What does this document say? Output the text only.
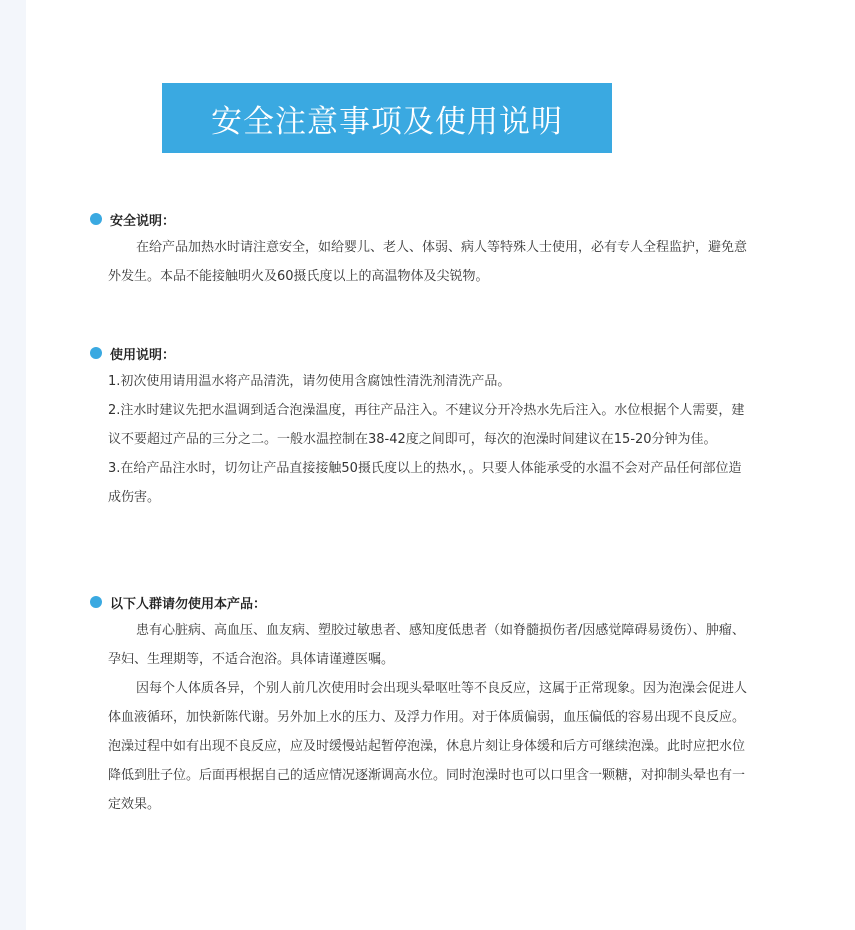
安全注意事项及使用说明
安全说明：

在给产品加热水时请注意安全，如给婴儿、老人、体弱、病人等特殊人士使用，必有专人全程监护，避免意外发生。本品不能接触明火及60摄氏度以上的高温物体及尖锐物。

使用说明：

1.初次使用请用温水将产品清洗，请勿使用含腐蚀性清洗剂清洗产品。

2.注水时建议先把水温调到适合泡澡温度，再往产品注入。不建议分开冷热水先后注入。水位根据个人需要，建议不要超过产品的三分之二。一般水温控制在38-42度之间即可，每次的泡澡时间建议在15-20分钟为佳。

3.在给产品注水时，切勿让产品直接接触50摄氏度以上的热水，。只要人体能承受的水温不会对产品任何部位造成伤害。

以下人群请勿使用本产品：

患有心脏病、高血压、血友病、塑胶过敏患者、感知度低患者（如脊髓损伤者/因感觉障碍易烫伤）、肿瘤、孕妇、生理期等，不适合泡浴。具体请谨遵医嘱。

因每个人体质各异，个别人前几次使用时会出现头晕呕吐等不良反应，这属于正常现象。因为泡澡会促进人体血液循环，加快新陈代谢。另外加上水的压力、及浮力作用。对于体质偏弱，血压偏低的容易出现不良反应。泡澡过程中如有出现不良反应，应及时缓慢站起暂停泡澡，休息片刻让身体缓和后方可继续泡澡。此时应把水位降低到肚子位。后面再根据自己的适应情况逐渐调高水位。同时泡澡时也可以口里含一颗糖，对抑制头晕也有一定效果。
